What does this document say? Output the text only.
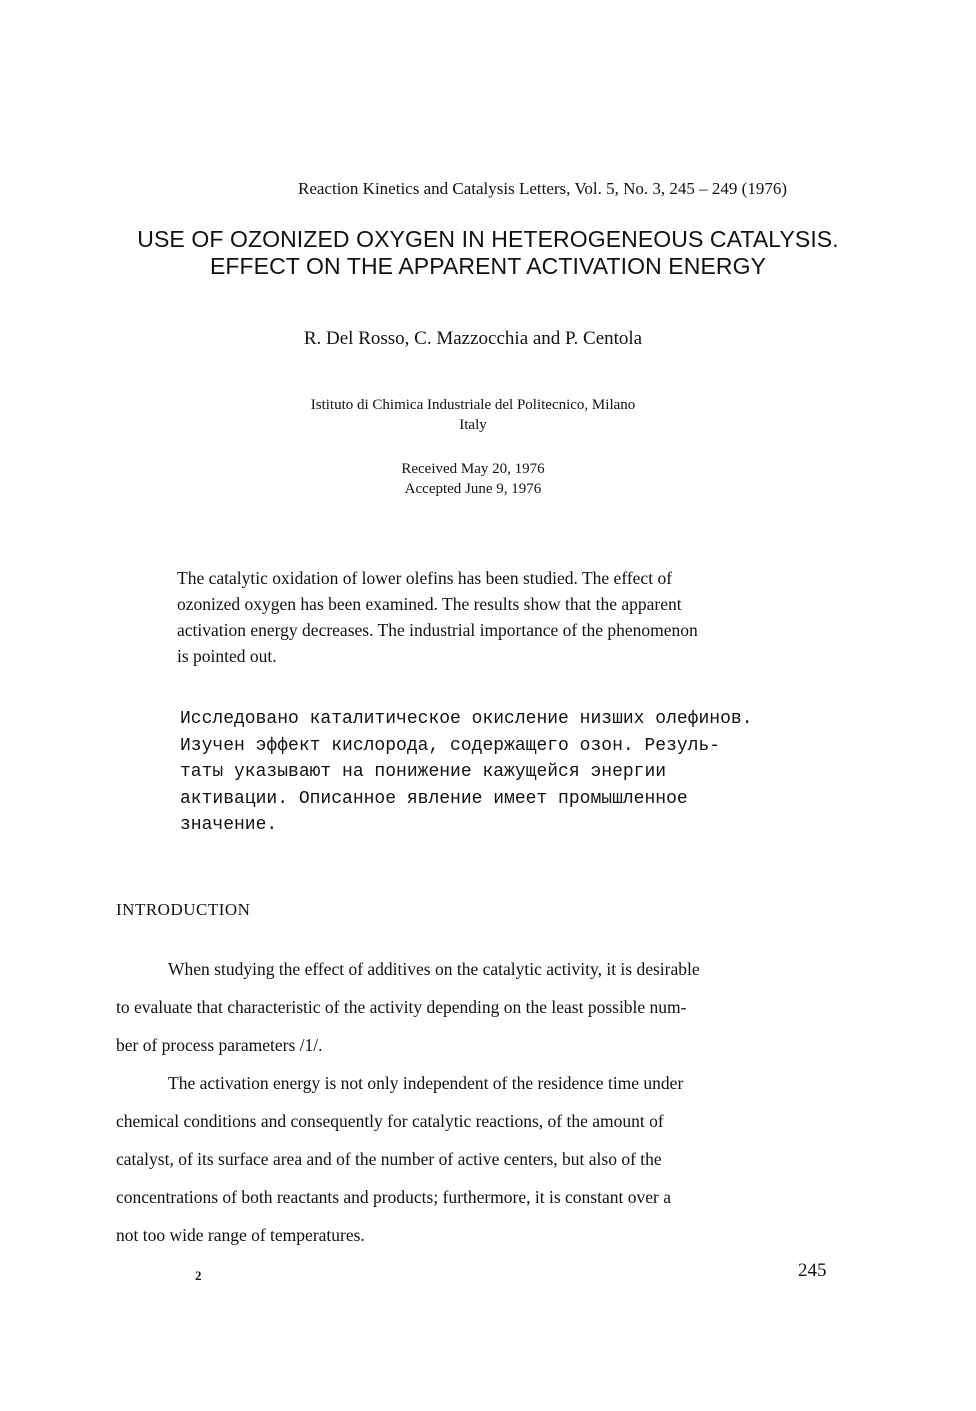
Reaction Kinetics and Catalysis Letters, Vol. 5, No. 3, 245 – 249 (1976)
USE OF OZONIZED OXYGEN IN HETEROGENEOUS CATALYSIS.
EFFECT ON THE APPARENT ACTIVATION ENERGY
R. Del Rosso, C. Mazzocchia and P. Centola
Istituto di Chimica Industriale del Politecnico, Milano
Italy
Received May 20, 1976
Accepted June 9, 1976
The catalytic oxidation of lower olefins has been studied. The effect of
ozonized oxygen has been examined. The results show that the apparent
activation energy decreases. The industrial importance of the phenomenon
is pointed out.
Исследовано каталитическое окисление низших олефинов.
Изучен эффект кислорода, содержащего озон. Резуль-
таты указывают на понижение кажущейся энергии
активации. Описанное явление имеет промышленное
значение.
INTRODUCTION
When studying the effect of additives on the catalytic activity, it is desirable
to evaluate that characteristic of the activity depending on the least possible num-
ber of process parameters /1/.
The activation energy is not only independent of the residence time under
chemical conditions and consequently for catalytic reactions, of the amount of
catalyst, of its surface area and of the number of active centers, but also of the
concentrations of both reactants and products; furthermore, it is constant over a
not too wide range of temperatures.
2	245
